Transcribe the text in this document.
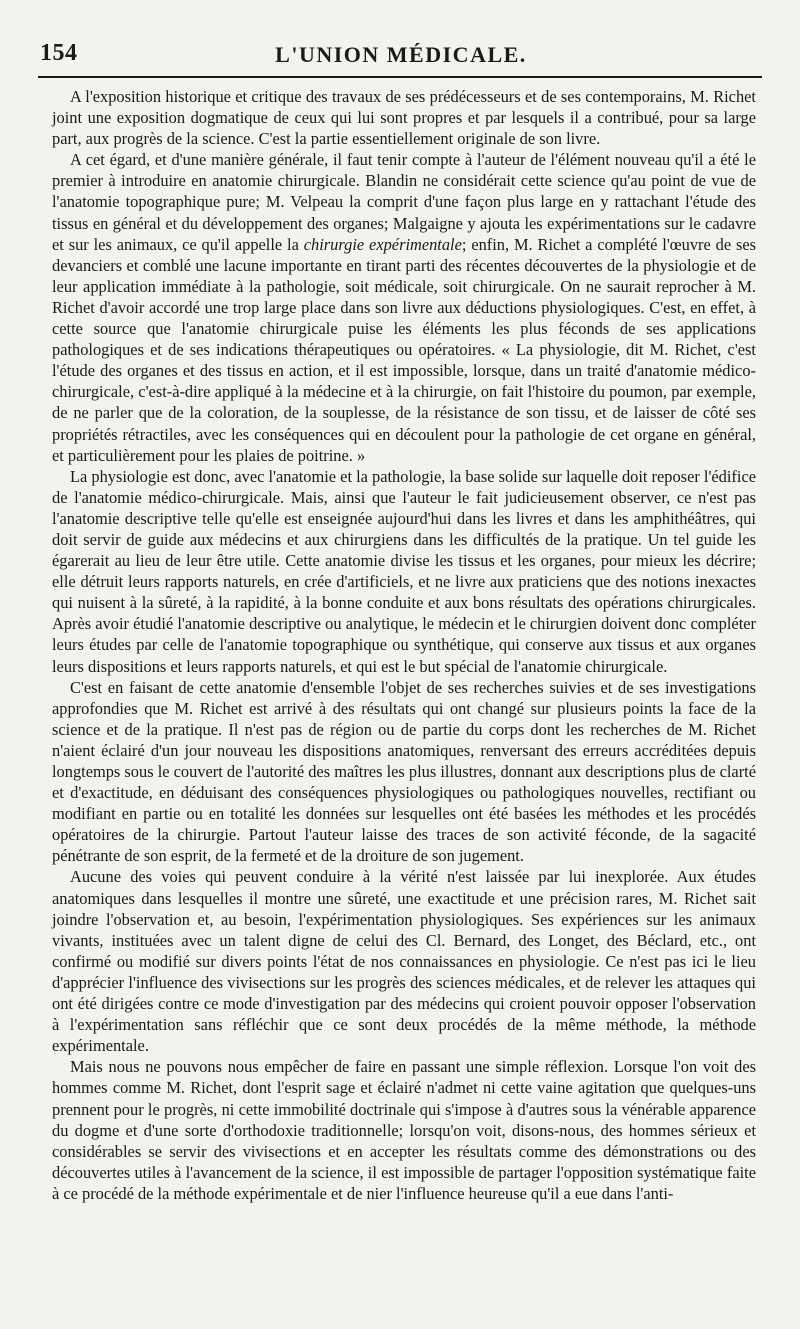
154	L'UNION MÉDICALE.

A l'exposition historique et critique des travaux de ses prédécesseurs et de ses contemporains, M. Richet joint une exposition dogmatique de ceux qui lui sont propres et par lesquels il a contribué, pour sa large part, aux progrès de la science. C'est la partie essentiellement originale de son livre.

A cet égard, et d'une manière générale, il faut tenir compte à l'auteur de l'élément nouveau qu'il a été le premier à introduire en anatomie chirurgicale. Blandin ne considérait cette science qu'au point de vue de l'anatomie topographique pure; M. Velpeau la comprit d'une façon plus large en y rattachant l'étude des tissus en général et du développement des organes; Malgaigne y ajouta les expérimentations sur le cadavre et sur les animaux, ce qu'il appelle la chirurgie expérimentale; enfin, M. Richet a complété l'œuvre de ses devanciers et comblé une lacune importante en tirant parti des récentes découvertes de la physiologie et de leur application immédiate à la pathologie, soit médicale, soit chirurgicale. On ne saurait reprocher à M. Richet d'avoir accordé une trop large place dans son livre aux déductions physiologiques. C'est, en effet, à cette source que l'anatomie chirurgicale puise les éléments les plus féconds de ses applications pathologiques et de ses indications thérapeutiques ou opératoires. « La physiologie, dit M. Richet, c'est l'étude des organes et des tissus en action, et il est impossible, lorsque, dans un traité d'anatomie médico-chirurgicale, c'est-à-dire appliqué à la médecine et à la chirurgie, on fait l'histoire du poumon, par exemple, de ne parler que de la coloration, de la souplesse, de la résistance de son tissu, et de laisser de côté ses propriétés rétractiles, avec les conséquences qui en découlent pour la pathologie de cet organe en général, et particulièrement pour les plaies de poitrine. »

La physiologie est donc, avec l'anatomie et la pathologie, la base solide sur laquelle doit reposer l'édifice de l'anatomie médico-chirurgicale. Mais, ainsi que l'auteur le fait judicieusement observer, ce n'est pas l'anatomie descriptive telle qu'elle est enseignée aujourd'hui dans les livres et dans les amphithéâtres, qui doit servir de guide aux médecins et aux chirurgiens dans les difficultés de la pratique. Un tel guide les égarerait au lieu de leur être utile. Cette anatomie divise les tissus et les organes, pour mieux les décrire; elle détruit leurs rapports naturels, en crée d'artificiels, et ne livre aux praticiens que des notions inexactes qui nuisent à la sûreté, à la rapidité, à la bonne conduite et aux bons résultats des opérations chirurgicales. Après avoir étudié l'anatomie descriptive ou analytique, le médecin et le chirurgien doivent donc compléter leurs études par celle de l'anatomie topographique ou synthétique, qui conserve aux tissus et aux organes leurs dispositions et leurs rapports naturels, et qui est le but spécial de l'anatomie chirurgicale.

C'est en faisant de cette anatomie d'ensemble l'objet de ses recherches suivies et de ses investigations approfondies que M. Richet est arrivé à des résultats qui ont changé sur plusieurs points la face de la science et de la pratique. Il n'est pas de région ou de partie du corps dont les recherches de M. Richet n'aient éclairé d'un jour nouveau les dispositions anatomiques, renversant des erreurs accréditées depuis longtemps sous le couvert de l'autorité des maîtres les plus illustres, donnant aux descriptions plus de clarté et d'exactitude, en déduisant des conséquences physiologiques ou pathologiques nouvelles, rectifiant ou modifiant en partie ou en totalité les données sur lesquelles ont été basées les méthodes et les procédés opératoires de la chirurgie. Partout l'auteur laisse des traces de son activité féconde, de la sagacité pénétrante de son esprit, de la fermeté et de la droiture de son jugement.

Aucune des voies qui peuvent conduire à la vérité n'est laissée par lui inexplorée. Aux études anatomiques dans lesquelles il montre une sûreté, une exactitude et une précision rares, M. Richet sait joindre l'observation et, au besoin, l'expérimentation physiologiques. Ses expériences sur les animaux vivants, instituées avec un talent digne de celui des Cl. Bernard, des Longet, des Béclard, etc., ont confirmé ou modifié sur divers points l'état de nos connaissances en physiologie. Ce n'est pas ici le lieu d'apprécier l'influence des vivisections sur les progrès des sciences médicales, et de relever les attaques qui ont été dirigées contre ce mode d'investigation par des médecins qui croient pouvoir opposer l'observation à l'expérimentation sans réfléchir que ce sont deux procédés de la même méthode, la méthode expérimentale.

Mais nous ne pouvons nous empêcher de faire en passant une simple réflexion. Lorsque l'on voit des hommes comme M. Richet, dont l'esprit sage et éclairé n'admet ni cette vaine agitation que quelques-uns prennent pour le progrès, ni cette immobilité doctrinale qui s'impose à d'autres sous la vénérable apparence du dogme et d'une sorte d'orthodoxie traditionnelle; lorsqu'on voit, disons-nous, des hommes sérieux et considérables se servir des vivisections et en accepter les résultats comme des démonstrations ou des découvertes utiles à l'avancement de la science, il est impossible de partager l'opposition systématique faite à ce procédé de la méthode expérimentale et de nier l'influence heureuse qu'il a eue dans l'anti-
